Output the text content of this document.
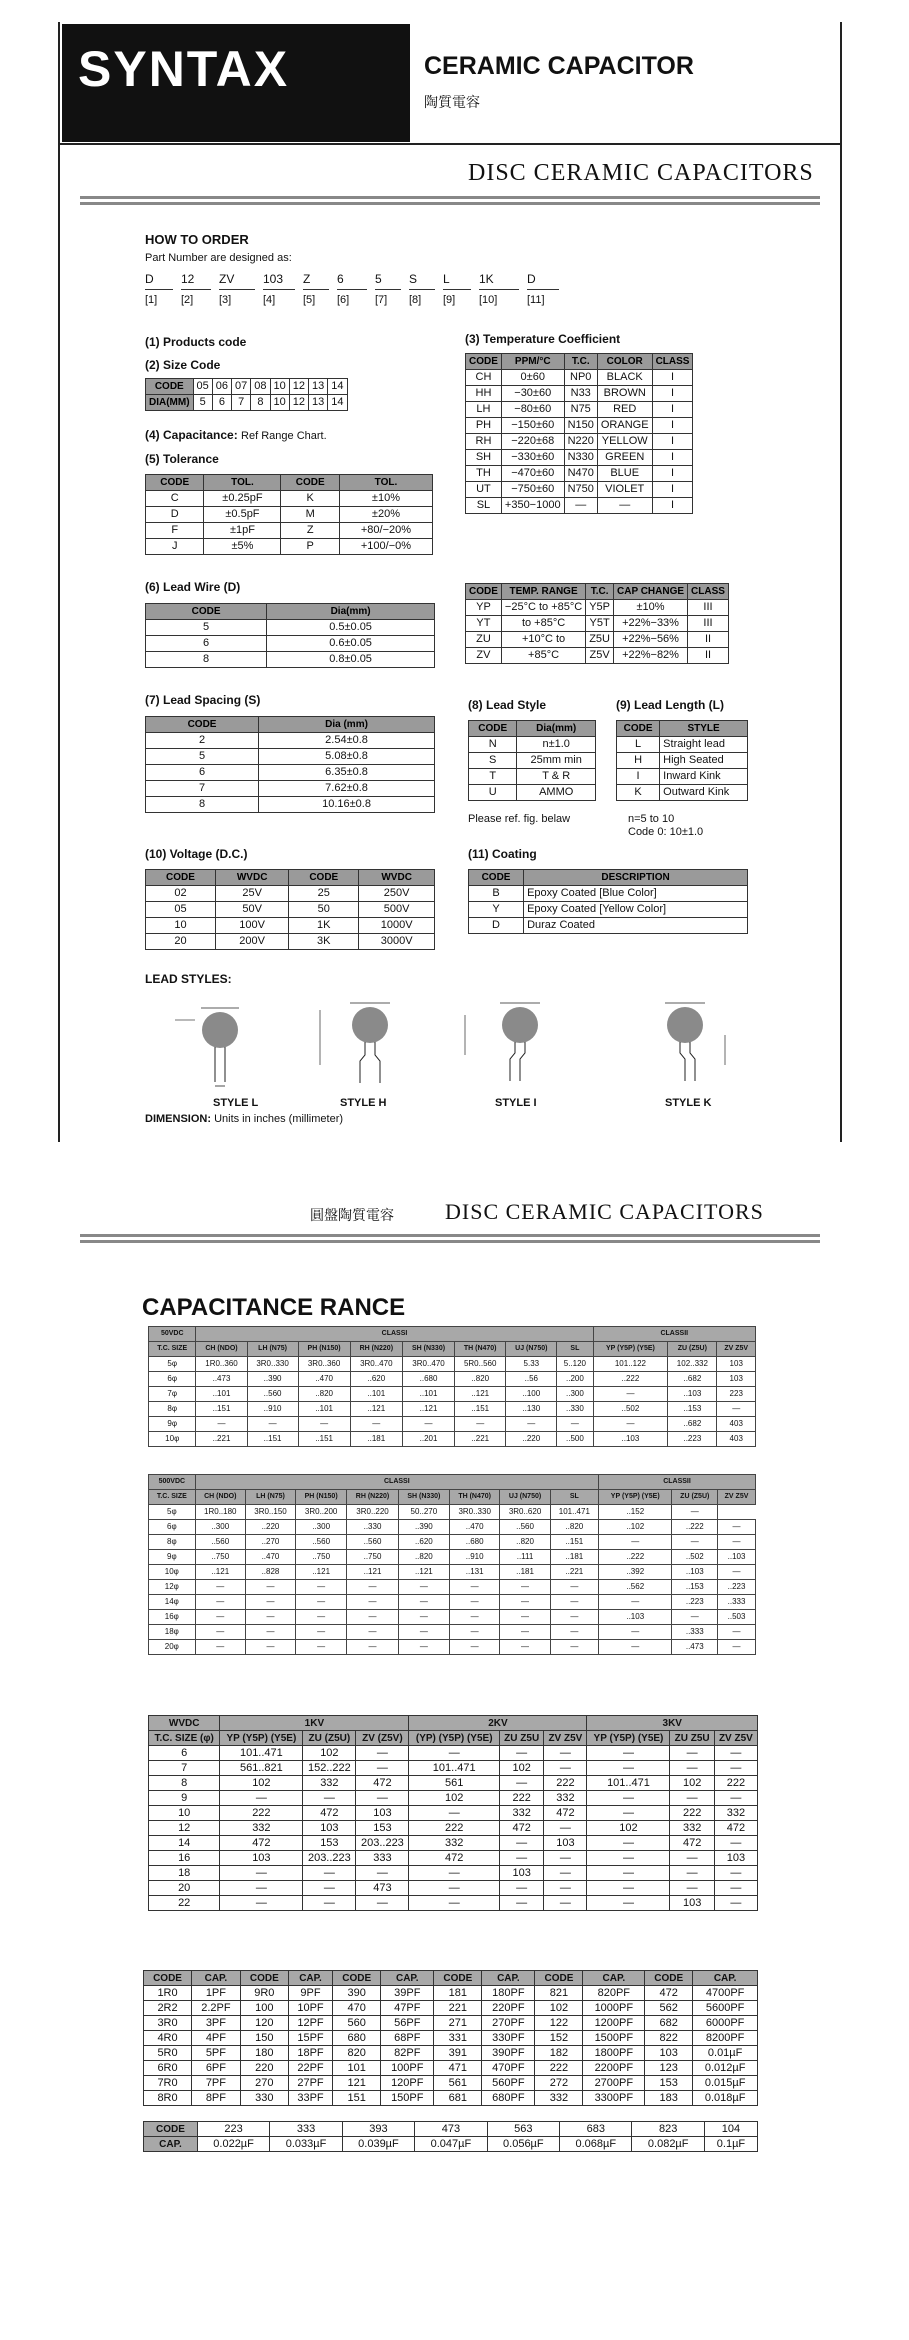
SYNTAX	CERAMIC CAPACITOR
陶質電容
DISC CERAMIC CAPACITORS
HOW TO ORDER
Part Number are designed as:
D 12 ZV 103 Z 6	5 S L 1K	D
[1] [2] [3]	[4]	[5] [6] [7] [8] [9] [10]	[11]
(1) Products code
(2) Size Code
CODE	05	06	07	08	10	12	13	14
DIA(MM)	5	6	7	8	10	12	13	14
(4) Capacitance: Ref Range Chart.
(5) Tolerance
CODE	TOL.	CODE	TOL.
C	±0.25pF	K	±10%
D	±0.5pF	M	±20%
F	±1pF	Z	+80/−20%
J	±5%	P	+100/−0%
(6) Lead Wire (D)
CODE	Dia(mm)
5	0.5±0.05
6	0.6±0.05
8	0.8±0.05
(7) Lead Spacing (S)
CODE	Dia (mm)
2	2.54±0.8
5	5.08±0.8
6	6.35±0.8
7	7.62±0.8
8	10.16±0.8
(10) Voltage (D.C.)
CODE	WVDC	CODE	WVDC
02	25V	25	250V
05	50V	50	500V
10	100V	1K	1000V
20	200V	3K	3000V
(3) Temperature Coefficient
CODE	PPM/°C	T.C.	COLOR	CLASS
CH	0±60	NP0	BLACK	I
HH	−30±60	N33	BROWN	I
LH	−80±60	N75	RED	I
PH	−150±60	N150	ORANGE	I
RH	−220±68	N220	YELLOW	I
SH	−330±60	N330	GREEN	I
TH	−470±60	N470	BLUE	I
UT	−750±60	N750	VIOLET	I
SL	+350−1000	—	—	I
CODE	TEMP. RANGE	T.C.	CAP CHANGE	CLASS
YP	−25°C to +85°C	Y5P	±10%	III
YT	to +85°C	Y5T	+22%−33%	III
ZU	+10°C to	Z5U	+22%−56%	II
ZV	+85°C	Z5V	+22%−82%	II
(8) Lead Style
CODE	Dia(mm)
N	n±1.0
S	25mm min
T	T & R
U	AMMO
Please ref. fig. belaw
(9) Lead Length (L)
CODE	STYLE
L	Straight lead
H	High Seated
I	Inward Kink
K	Outward Kink
n=5 to 10
Code 0: 10±1.0
(11) Coating
CODE	DESCRIPTION
B	Epoxy Coated [Blue Color]
Y	Epoxy Coated [Yellow Color]
D	Duraz Coated
LEAD STYLES:
STYLE L	STYLE H	STYLE I	STYLE K
DIMENSION: Units in inches (millimeter)
圓盤陶質電容 DISC CERAMIC CAPACITORS
CAPACITANCE RANCE
50VDC	CLASSI								CLASSII		
T.C. SIZE	CH (NDO)	LH (N75)	PH (N150)	RH (N220)	SH (N330)	TH (N470)	UJ (N750)	SL	YP (Y5P) (Y5E)	ZU (Z5U)	ZV Z5V
5φ	1R0..360	3R0..330	3R0..360	3R0..470	3R0..470	5R0..560	5.33	5..120	101..122	102..332	103
6φ	..473	..390	..470	..620	..680	..820	..56	..200	..222	..682	103
7φ	..101	..560	..820	..101	..101	..121	..100	..300	—	..103	223
8φ	..151	..910	..101	..121	..121	..151	..130	..330	..502	..153	—
9φ	—	—	—	—	—	—	—	—	—	..682	403
10φ	..221	..151	..151	..181	..201	..221	..220	..500	..103	..223	403
500VDC	CLASSI								CLASSII		
T.C. SIZE	CH (NDO)	LH (N75)	PH (N150)	RH (N220)	SH (N330)	TH (N470)	UJ (N750)	SL	YP (Y5P) (Y5E)	ZU (Z5U)	ZV Z5V
5φ	1R0..180	3R0..150	3R0..200	3R0..220	50..270	3R0..330	3R0..620	101..471	..152	—	
6φ	..300	..220	..300	..330	..390	..470	..560	..820	..102	..222	—
8φ	..560	..270	..560	..560	..620	..680	..820	..151	—	—	—
9φ	..750	..470	..750	..750	..820	..910	..111	..181	..222	..502	..103
10φ	..121	..828	..121	..121	..121	..131	..181	..221	..392	..103	—
12φ	—	—	—	—	—	—	—	—	..562	..153	..223
14φ	—	—	—	—	—	—	—	—	—	..223	..333
16φ	—	—	—	—	—	—	—	—	..103	—	..503
18φ	—	—	—	—	—	—	—	—	—	..333	—
20φ	—	—	—	—	—	—	—	—	—	..473	—
WVDC	1KV			2KV			3KV		
T.C. SIZE (φ)	YP (Y5P) (Y5E)	ZU (Z5U)	ZV (Z5V)	(YP) (Y5P) (Y5E)	ZU Z5U	ZV Z5V	YP (Y5P) (Y5E)	ZU Z5U	ZV Z5V
6	101..471	102	—	—	—	—	—	—	—
7	561..821	152..222	—	101..471	102	—	—	—	—
8	102	332	472	561	—	222	101..471	102	222
9	—	—	—	102	222	332	—	—	—
10	222	472	103	—	332	472	—	222	332
12	332	103	153	222	472	—	102	332	472
14	472	153	203..223	332	—	103	—	472	—
16	103	203..223	333	472	—	—	—	—	103
18	—	—	—	—	103	—	—	—	—
20	—	—	473	—	—	—	—	—	—
22	—	—	—	—	—	—	—	103	—
CODE	CAP.	CODE	CAP.	CODE	CAP.	CODE	CAP.	CODE	CAP.	CODE	CAP.
1R0	1PF	9R0	9PF	390	39PF	181	180PF	821	820PF	472	4700PF
2R2	2.2PF	100	10PF	470	47PF	221	220PF	102	1000PF	562	5600PF
3R0	3PF	120	12PF	560	56PF	271	270PF	122	1200PF	682	6000PF
4R0	4PF	150	15PF	680	68PF	331	330PF	152	1500PF	822	8200PF
5R0	5PF	180	18PF	820	82PF	391	390PF	182	1800PF	103	0.01µF
6R0	6PF	220	22PF	101	100PF	471	470PF	222	2200PF	123	0.012µF
7R0	7PF	270	27PF	121	120PF	561	560PF	272	2700PF	153	0.015µF
8R0	8PF	330	33PF	151	150PF	681	680PF	332	3300PF	183	0.018µF
CODE	223	333	393	473	563	683	823	104
CAP.	0.022µF	0.033µF	0.039µF	0.047µF	0.056µF	0.068µF	0.082µF	0.1µF
